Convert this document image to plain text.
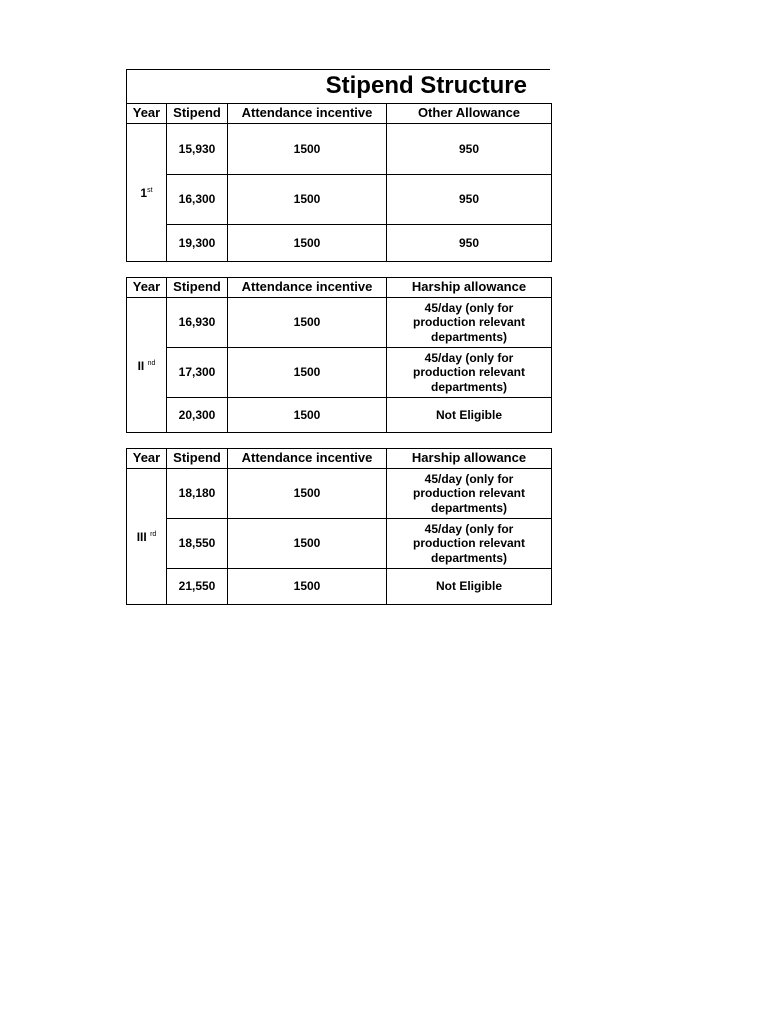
Stipend Structure
Year	Stipend	Attendance incentive	Other Allowance
1st	15,930	1500	950
	16,300	1500	950
	19,300	1500	950
Year	Stipend	Attendance incentive	Harship allowance
II $^{nd}$	16,930	1500	45/day (only for production relevant departments)
	17,300	1500	45/day (only for production relevant departments)
	20,300	1500	Not Eligible
Year	Stipend	Attendance incentive	Harship allowance
III $^{rd}$	18,180	1500	45/day (only for production relevant departments)
	18,550	1500	45/day (only for production relevant departments)
	21,550	1500	Not Eligible
